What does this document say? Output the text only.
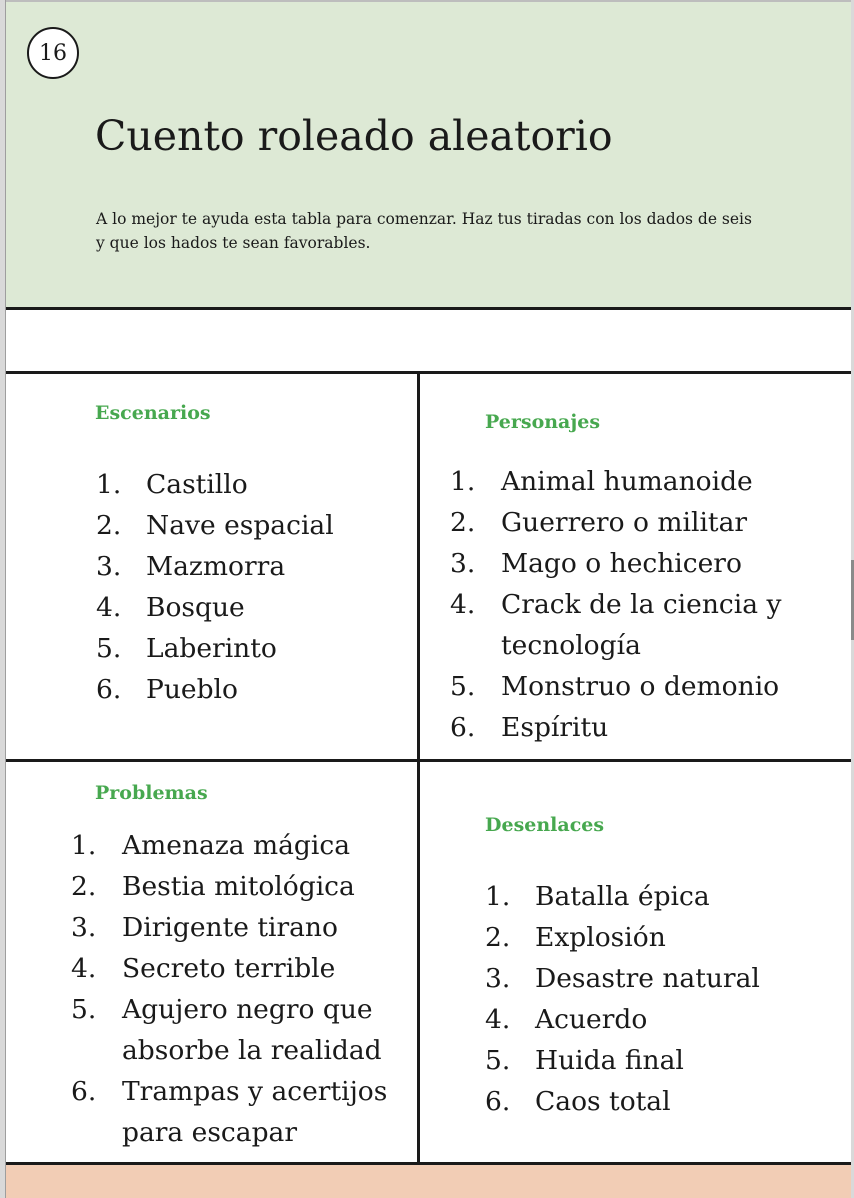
16
Cuento roleado aleatorio

A lo mejor te ayuda esta tabla para comenzar. Haz tus tiradas con los dados de seis
y que los hados te sean favorables.

Escenarios
1. Castillo
2. Nave espacial
3. Mazmorra
4. Bosque
5. Laberinto
6. Pueblo
Personajes
1. Animal humanoide
2. Guerrero o militar
3. Mago o hechicero
4. Crack de la ciencia y
tecnología
5. Monstruo o demonio
6. Espíritu
Problemas
1. Amenaza mágica
2. Bestia mitológica
3. Dirigente tirano
4. Secreto terrible
5. Agujero negro que
absorbe la realidad
6. Trampas y acertijos
para escapar
Desenlaces
1. Batalla épica
2. Explosión
3. Desastre natural
4. Acuerdo
5. Huida final
6. Caos total
